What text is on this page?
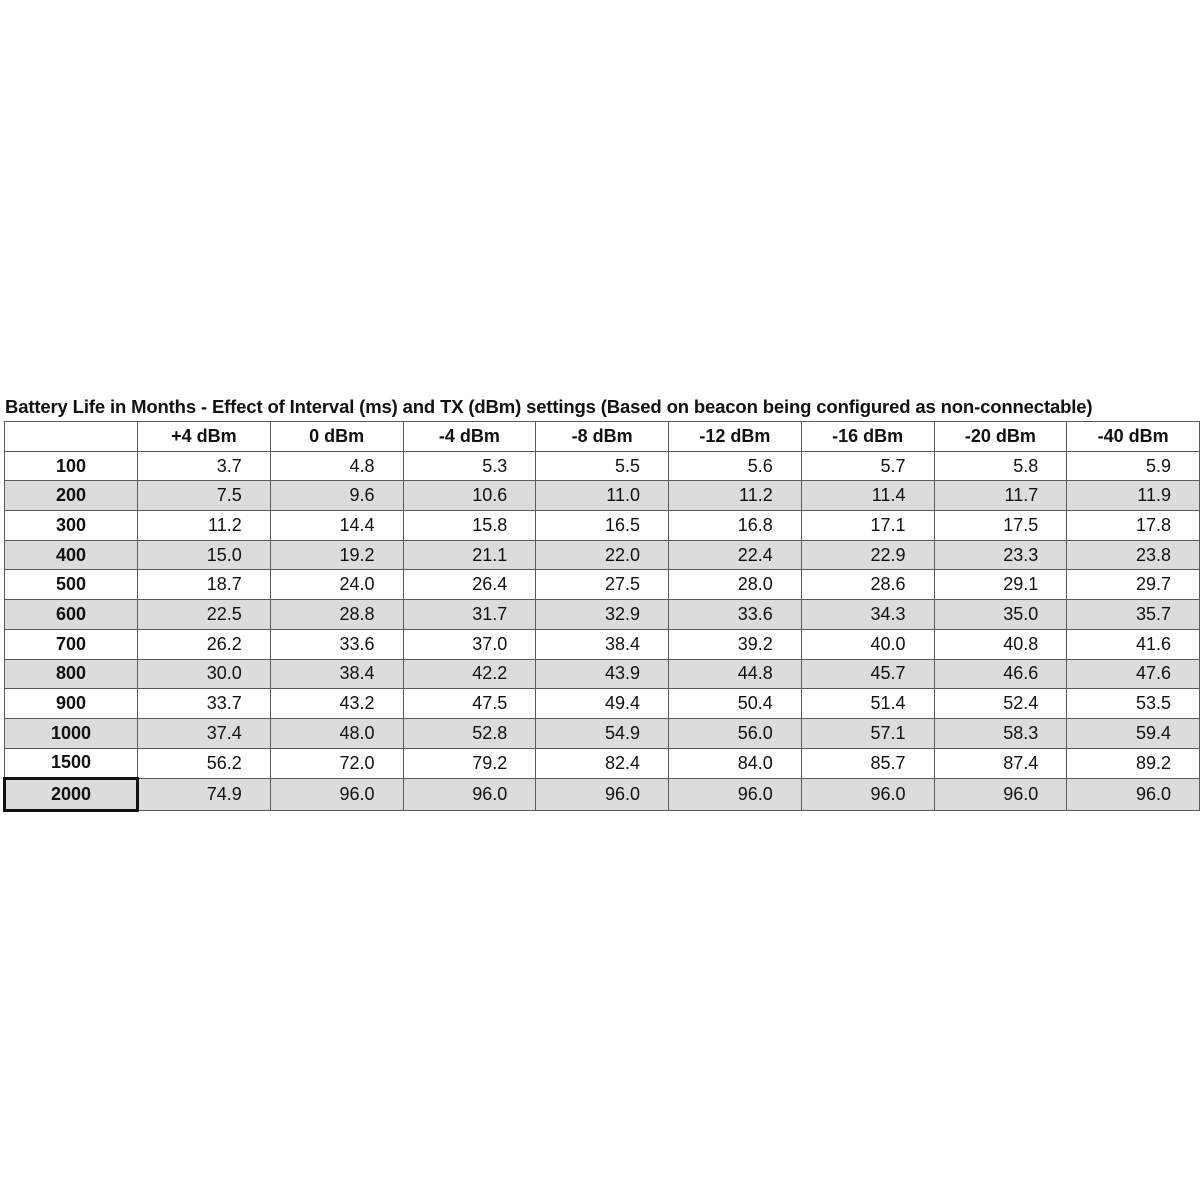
Battery Life in Months - Effect of Interval (ms) and TX (dBm) settings (Based on beacon being configured as non-connectable)
	+4 dBm	0 dBm	-4 dBm	-8 dBm	-12 dBm	-16 dBm	-20 dBm	-40 dBm
100	3.7	4.8	5.3	5.5	5.6	5.7	5.8	5.9
200	7.5	9.6	10.6	11.0	11.2	11.4	11.7	11.9
300	11.2	14.4	15.8	16.5	16.8	17.1	17.5	17.8
400	15.0	19.2	21.1	22.0	22.4	22.9	23.3	23.8
500	18.7	24.0	26.4	27.5	28.0	28.6	29.1	29.7
600	22.5	28.8	31.7	32.9	33.6	34.3	35.0	35.7
700	26.2	33.6	37.0	38.4	39.2	40.0	40.8	41.6
800	30.0	38.4	42.2	43.9	44.8	45.7	46.6	47.6
900	33.7	43.2	47.5	49.4	50.4	51.4	52.4	53.5
1000	37.4	48.0	52.8	54.9	56.0	57.1	58.3	59.4
1500	56.2	72.0	79.2	82.4	84.0	85.7	87.4	89.2
2000	74.9	96.0	96.0	96.0	96.0	96.0	96.0	96.0
